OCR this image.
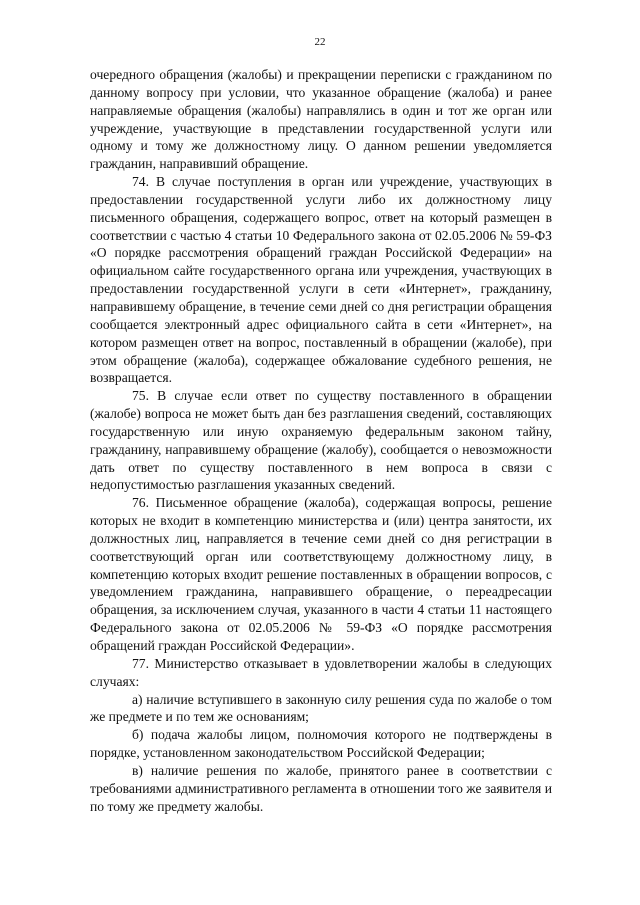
22

очередного обращения (жалобы) и прекращении переписки с гражданином по данному вопросу при условии, что указанное обращение (жалоба) и ранее направляемые обращения (жалобы) направлялись в один и тот же орган или учреждение, участвующие в представлении государственной услуги или одному и тому же должностному лицу. О данном решении уведомляется гражданин, направивший обращение.

74. В случае поступления в орган или учреждение, участвующих в предоставлении государственной услуги либо их должностному лицу письменного обращения, содержащего вопрос, ответ на который размещен в соответствии с частью 4 статьи 10 Федерального закона от 02.05.2006 № 59-ФЗ «О порядке рассмотрения обращений граждан Российской Федерации» на официальном сайте государственного органа или учреждения, участвующих в предоставлении государственной услуги в сети «Интернет», гражданину, направившему обращение, в течение семи дней со дня регистрации обращения сообщается электронный адрес официального сайта в сети «Интернет», на котором размещен ответ на вопрос, поставленный в обращении (жалобе), при этом обращение (жалоба), содержащее обжалование судебного решения, не возвращается.

75. В случае если ответ по существу поставленного в обращении (жалобе) вопроса не может быть дан без разглашения сведений, составляющих государственную или иную охраняемую федеральным законом тайну, гражданину, направившему обращение (жалобу), сообщается о невозможности дать ответ по существу поставленного в нем вопроса в связи с недопустимостью разглашения указанных сведений.

76. Письменное обращение (жалоба), содержащая вопросы, решение которых не входит в компетенцию министерства и (или) центра занятости, их должностных лиц, направляется в течение семи дней со дня регистрации в соответствующий орган или соответствующему должностному лицу, в компетенцию которых входит решение поставленных в обращении вопросов, с уведомлением гражданина, направившего обращение, о переадресации обращения, за исключением случая, указанного в части 4 статьи 11 настоящего Федерального закона от 02.05.2006 № 59-ФЗ «О порядке рассмотрения обращений граждан Российской Федерации».

77. Министерство отказывает в удовлетворении жалобы в следующих случаях:

а) наличие вступившего в законную силу решения суда по жалобе о том же предмете и по тем же основаниям;

б) подача жалобы лицом, полномочия которого не подтверждены в порядке, установленном законодательством Российской Федерации;

в) наличие решения по жалобе, принятого ранее в соответствии с требованиями административного регламента в отношении того же заявителя и по тому же предмету жалобы.
